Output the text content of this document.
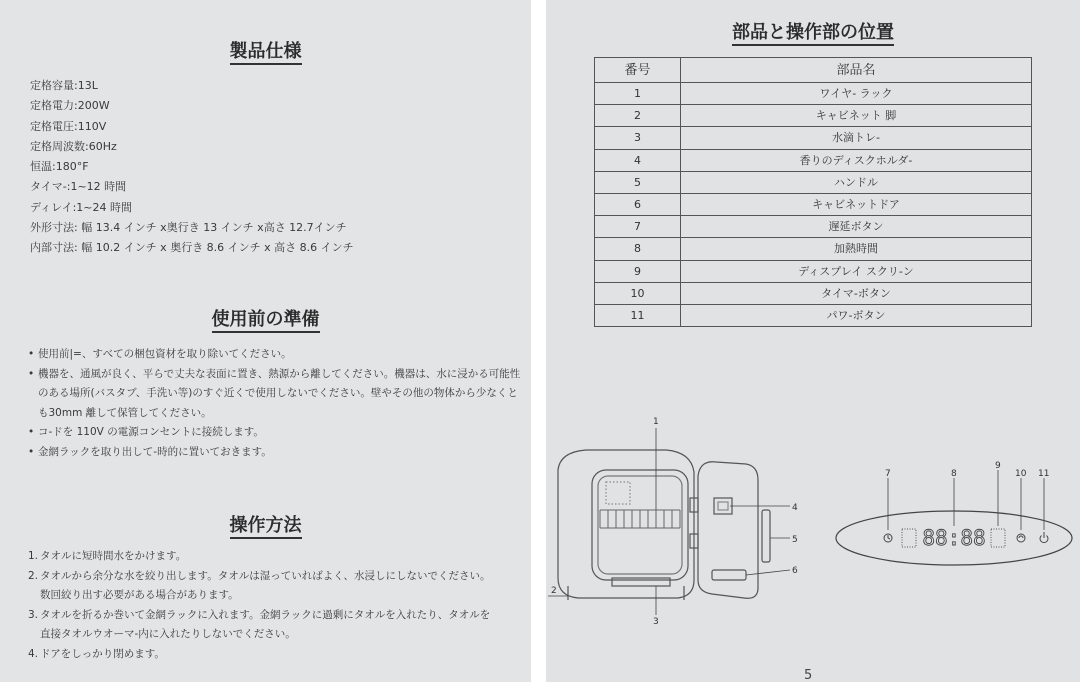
製品仕様
定格容量:13L
定格電力:200W
定格電圧:110V
定格周波数:60Hz
恒温:180°F
タイマ-:1~12 時間
ディレイ:1~24 時間
外形寸法: 幅 13.4 インチ x奥行き 13 インチ x高さ 12.7インチ
内部寸法: 幅 10.2 インチ x 奥行き 8.6 インチ x 高さ 8.6 インチ
使用前の準備
• 使用前|=、すべての梱包資材を取り除いてください。
• 機器を、通風が良く、平らで丈夫な表面に置き、熱源から離してください。機器は、水に浸かる可能性のある場所(バスタブ、手洗い等)のすぐ近くで使用しないでください。壁やその他の物体から少なくとも30mm 離して保管してください。
• コ-ドを 110V の電源コンセントに接続します。
• 金網ラックを取り出して-時的に置いておきます。
操作方法
1. タオルに短時間水をかけます。
2. タオルから余分な水を絞り出します。タオルは湿っていればよく、水浸しにしないでください。
数回絞り出す必要がある場合があります。
3. タオルを折るか巻いて金網ラックに入れます。金網ラックに過剰にタオルを入れたり、タオルを
直接タオルウオーマ-内に入れたりしないでください。
4. ドアをしっかり閉めます。
部品と操作部の位置
番号	部品名
1	ワイヤ- ラック
2	キャビネット 脚
3	水滴トレ-
4	香りのディスクホルダ-
5	ハンドル
6	キャビネットドア
7	遅延ボタン
8	加熱時間
9	ディスプレイ スクリ-ン
10	タイマ-ボタン
11	パワ-ボタン
1
2
3
4
5
6
7	8
9
10 11
88:88
5
